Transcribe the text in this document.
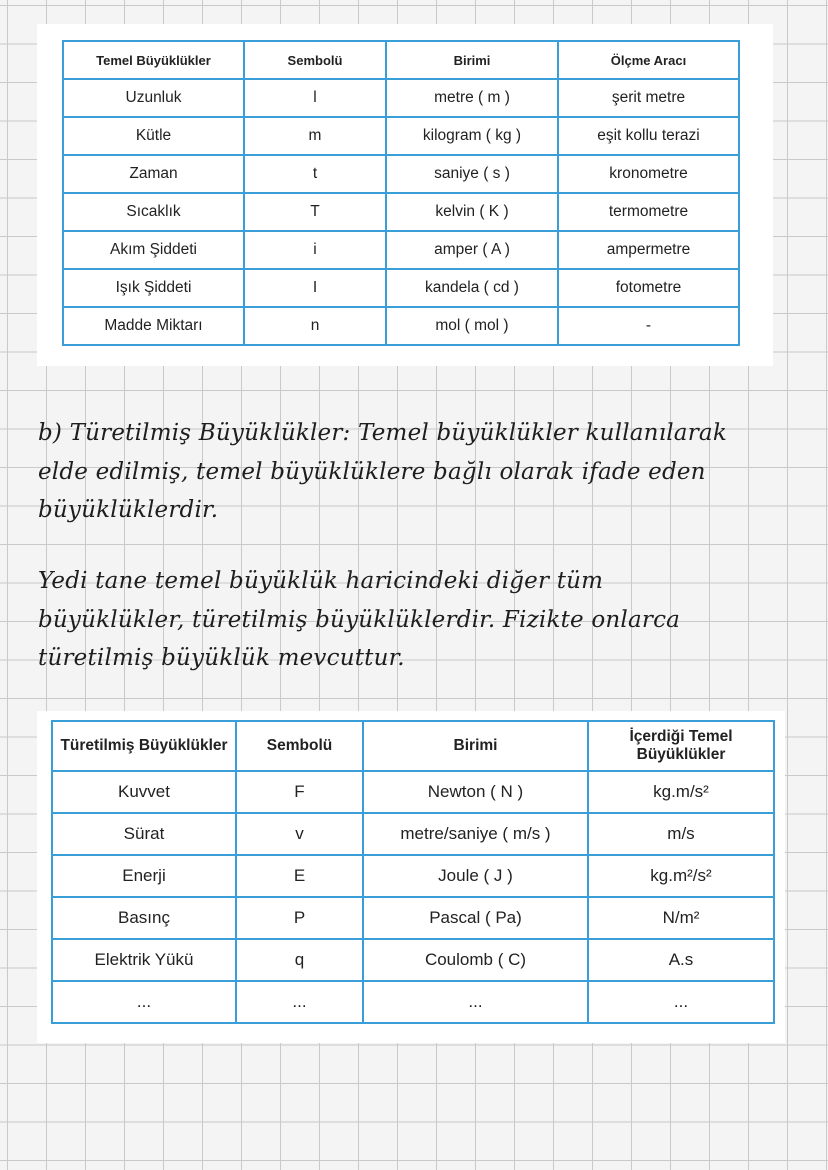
Temel Büyüklükler	Sembolü	Birimi	Ölçme Aracı
Uzunluk	l	metre ( m )	şerit metre
Kütle	m	kilogram ( kg )	eşit kollu terazi
Zaman	t	saniye ( s )	kronometre
Sıcaklık	T	kelvin ( K )	termometre
Akım Şiddeti	i	amper ( A )	ampermetre
Işık Şiddeti	I	kandela ( cd )	fotometre
Madde Miktarı	n	mol ( mol )	-
b) Türetilmiş Büyüklükler: Temel büyüklükler kullanılarak
elde edilmiş, temel büyüklüklere bağlı olarak ifade eden
büyüklüklerdir.
Yedi tane temel büyüklük haricindeki diğer tüm
büyüklükler, türetilmiş büyüklüklerdir. Fizikte onlarca
türetilmiş büyüklük mevcuttur.
Türetilmiş Büyüklükler	Sembolü	Birimi	İçerdiği Temel Büyüklükler
Kuvvet	F	Newton ( N )	kg.m/s²
Sürat	v	metre/saniye ( m/s )	m/s
Enerji	E	Joule ( J )	kg.m²/s²
Basınç	P	Pascal ( Pa)	N/m²
Elektrik Yükü	q	Coulomb ( C)	A.s
...	...	...	...
